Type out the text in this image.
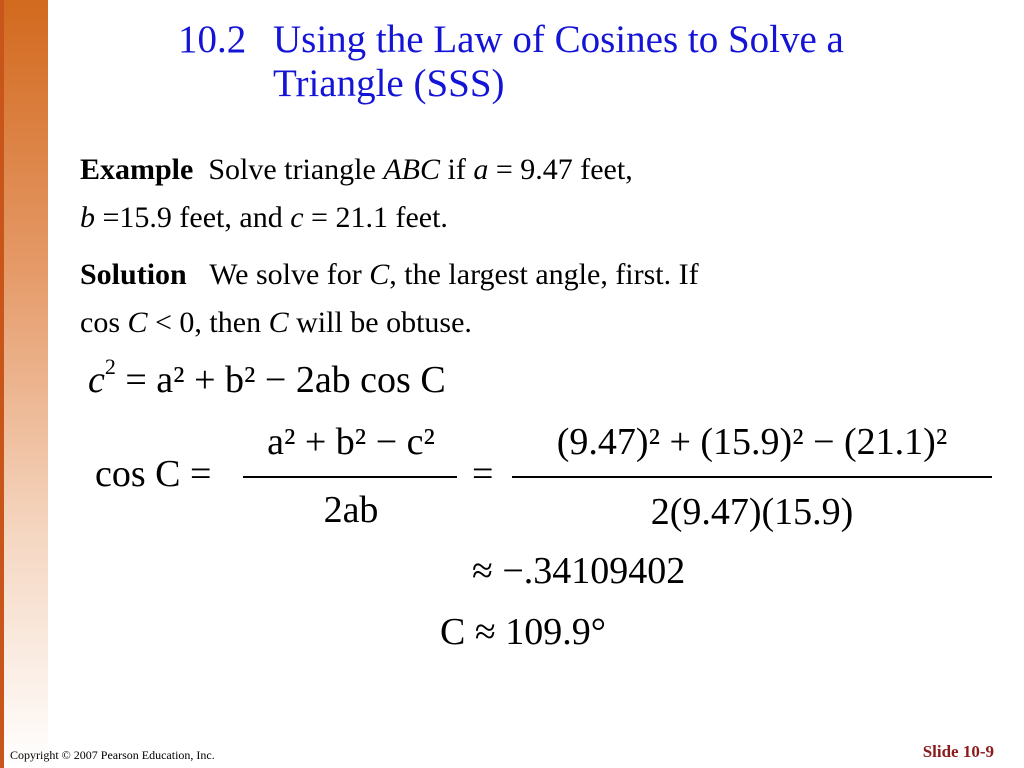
10.2 Using the Law of Cosines to Solve a
Triangle (SSS)
Example Solve triangle ABC if a = 9.47 feet,
b =15.9 feet, and c = 21.1 feet.
Solution We solve for C, the largest angle, first. If
cos C < 0, then C will be obtuse.
$c^2 = a^2 + b^2 - 2ab$ cos C
cos C =
a² + b² − c²
2ab
=
(9.47)² + (15.9)² − (21.1)²
2(9.47)(15.9)
≈ −.34109402
C ≈ 109.9°
Copyright © 2007 Pearson Education, Inc.	Slide 10-9
